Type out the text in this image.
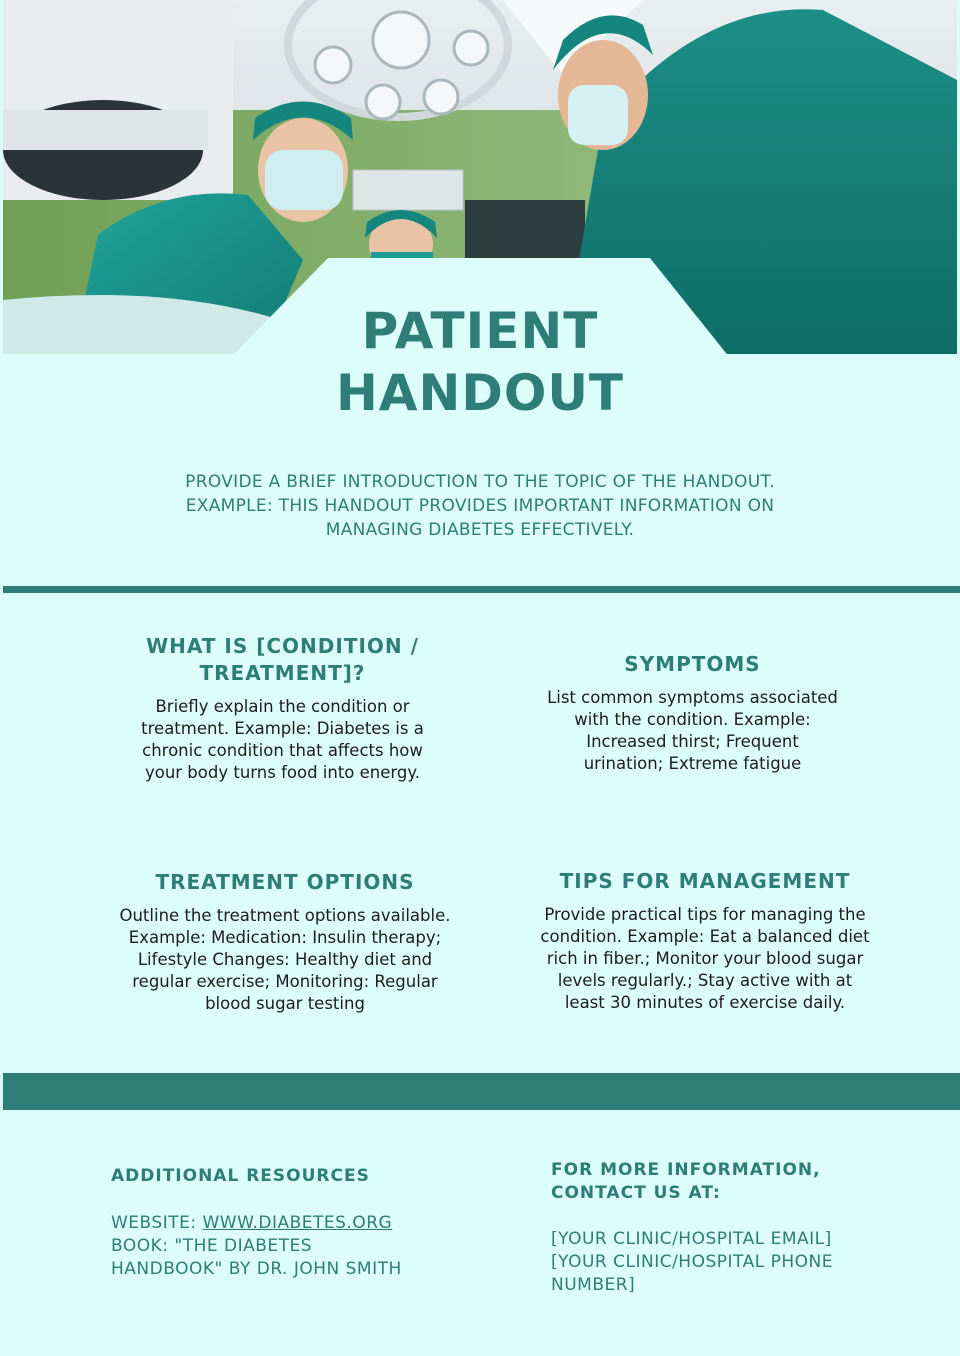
PATIENT
HANDOUT
PROVIDE A BRIEF INTRODUCTION TO THE TOPIC OF THE HANDOUT.
EXAMPLE: THIS HANDOUT PROVIDES IMPORTANT INFORMATION ON
MANAGING DIABETES EFFECTIVELY.

WHAT IS [CONDITION /
TREATMENT]?

Briefly explain the condition or
treatment. Example: Diabetes is a
chronic condition that affects how
your body turns food into energy.

SYMPTOMS

List common symptoms associated
with the condition. Example:
Increased thirst; Frequent
urination; Extreme fatigue

TREATMENT OPTIONS

Outline the treatment options available.
Example: Medication: Insulin therapy;
Lifestyle Changes: Healthy diet and
regular exercise; Monitoring: Regular
blood sugar testing

TIPS FOR MANAGEMENT

Provide practical tips for managing the
condition. Example: Eat a balanced diet
rich in fiber.; Monitor your blood sugar
levels regularly.; Stay active with at
least 30 minutes of exercise daily.

ADDITIONAL RESOURCES
WEBSITE: WWW.DIABETES.ORG
BOOK: "THE DIABETES
HANDBOOK" BY DR. JOHN SMITH
FOR MORE INFORMATION,
CONTACT US AT:
[YOUR CLINIC/HOSPITAL EMAIL]
[YOUR CLINIC/HOSPITAL PHONE
NUMBER]
